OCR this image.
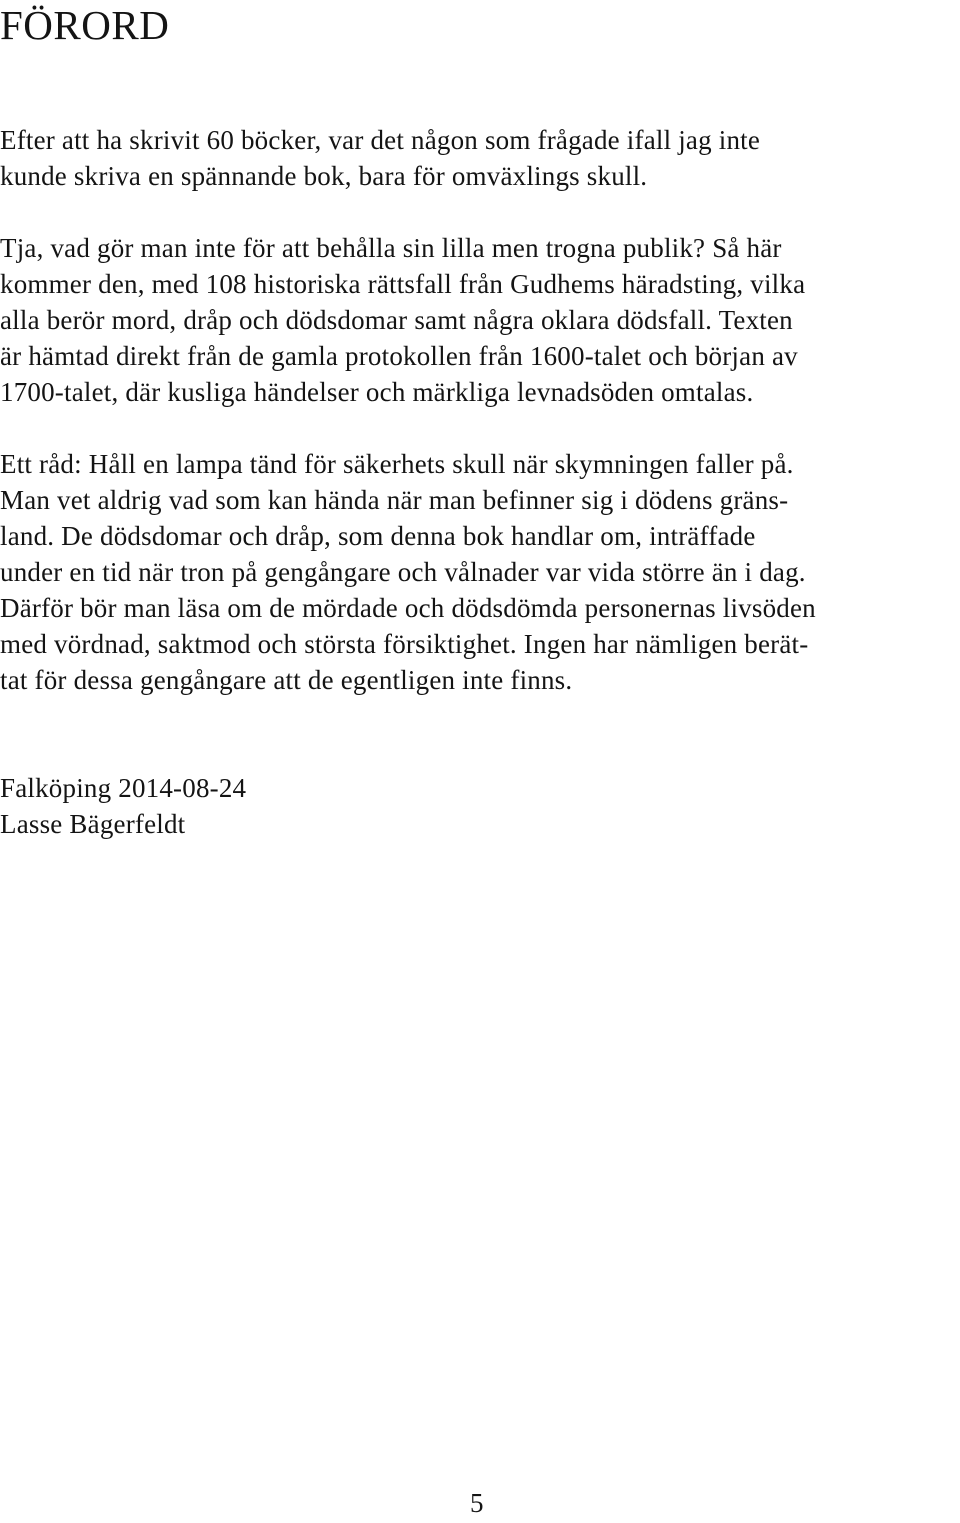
FÖRORD

Efter att ha skrivit 60 böcker, var det någon som frågade ifall jag inte

kunde skriva en spännande bok, bara för omväxlings skull.

Tja, vad gör man inte för att behålla sin lilla men trogna publik? Så här

kommer den, med 108 historiska rättsfall från Gudhems häradsting, vilka

alla berör mord, dråp och dödsdomar samt några oklara dödsfall. Texten

är hämtad direkt från de gamla protokollen från 1600-talet och början av

1700-talet, där kusliga händelser och märkliga levnadsöden omtalas.

Ett råd: Håll en lampa tänd för säkerhets skull när skymningen faller på.

Man vet aldrig vad som kan hända när man befinner sig i dödens gräns-

land. De dödsdomar och dråp, som denna bok handlar om, inträffade

under en tid när tron på gengångare och vålnader var vida större än i dag.

Därför bör man läsa om de mördade och dödsdömda personernas livsöden

med vördnad, saktmod och största försiktighet. Ingen har nämligen berät-

tat för dessa gengångare att de egentligen inte finns.

Falköping 2014-08-24

Lasse Bägerfeldt

5
